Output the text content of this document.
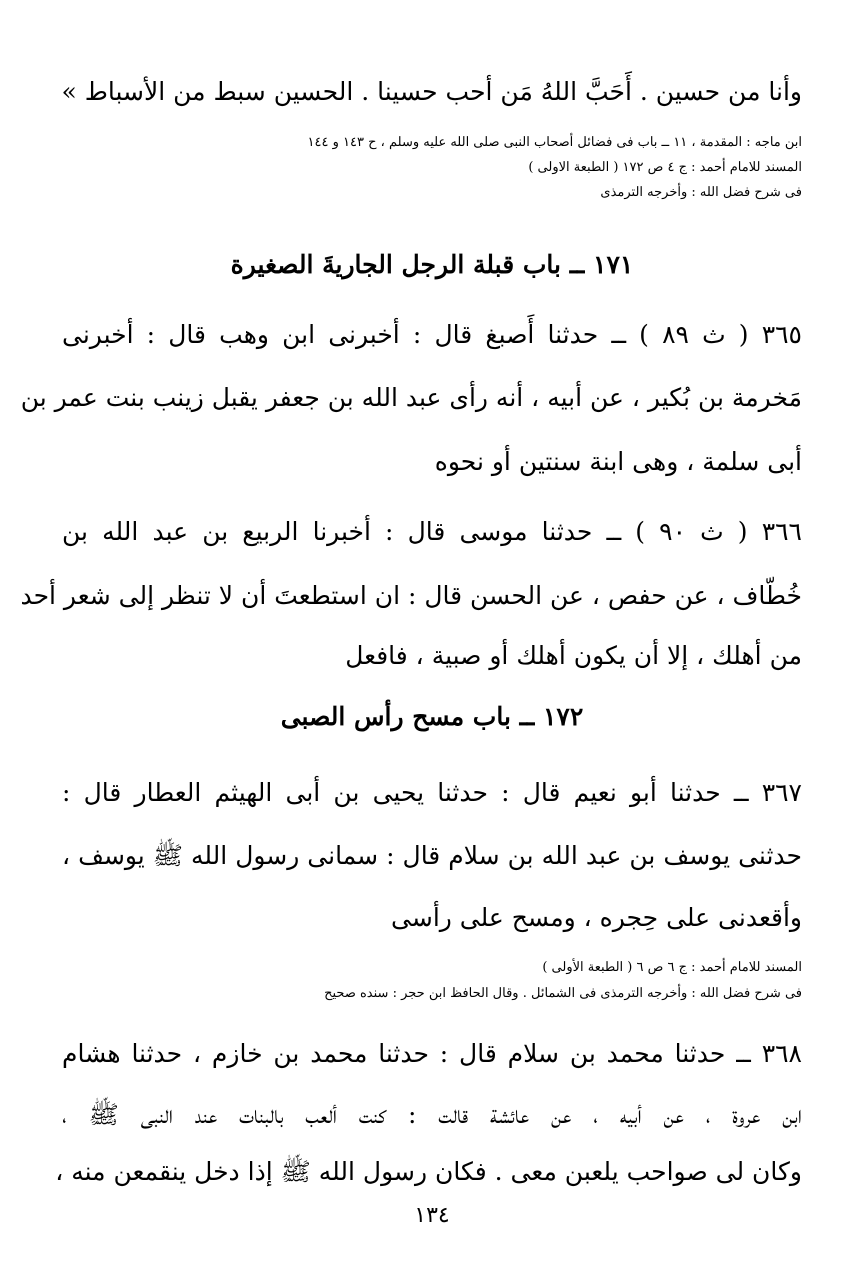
وأنا من حسين . أَحَبَّ اللهُ مَن أحب حسينا . الحسين سبط من الأسباط »
ابن ماجه : المقدمة ، ١١ ــ باب فى فضائل أصحاب النبى صلى الله عليه وسلم ، ح ١٤٣ و ١٤٤
المسند للامام أحمد : ج ٤ ص ١٧٢ ( الطبعة الاولى )
فى شرح فضل الله : وأخرجه الترمذى
١٧١ ــ باب قبلة الرجل الجاريةَ الصغيرة
٣٦٥ ( ث ٨٩ ) ــ حدثنا أَصبغ قال : أخبرنى ابن وهب قال : أخبرنى
مَخرمة بن بُكير ، عن أبيه ، أنه رأى عبد الله بن جعفر يقبل زينب بنت عمر بن
أبى سلمة ، وهى ابنة سنتين أو نحوه
٣٦٦ ( ث ٩٠ ) ــ حدثنا موسى قال : أخبرنا الربيع بن عبد الله بن
خُطّاف ، عن حفص ، عن الحسن قال : ان استطعتَ أن لا تنظر إلى شعر أحد
من أهلك ، إلا أن يكون أهلك أو صبية ، فافعل
١٧٢ ــ باب مسح رأس الصبى
٣٦٧ ــ حدثنا أبو نعيم قال : حدثنا يحيى بن أبى الهيثم العطار قال :
حدثنى يوسف بن عبد الله بن سلام قال : سمانى رسول الله ﷺ يوسف ،
وأقعدنى على حِجره ، ومسح على رأسى
المسند للامام أحمد : ج ٦ ص ٦ ( الطبعة الأولى )
فى شرح فضل الله : وأخرجه الترمذى فى الشمائل . وقال الحافظ ابن حجر : سنده صحيح
٣٦٨ ــ حدثنا محمد بن سلام قال : حدثنا محمد بن خازم ، حدثنا هشام
ابن عروة ، عن أبيه ، عن عائشة قالت : كنت ألعب بالبنات عند النبى ﷺ ،
وكان لى صواحب يلعبن معى . فكان رسول الله ﷺ إذا دخل ينقمعن منه ،
١٣٤
